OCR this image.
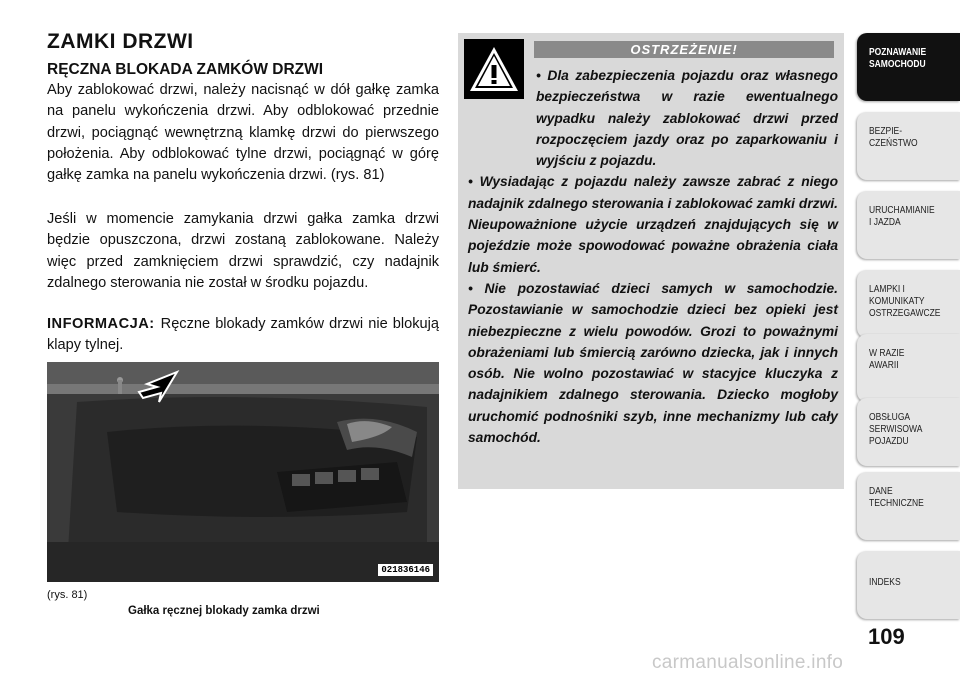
ZAMKI DRZWI
RĘCZNA BLOKADA ZAMKÓW DRZWI
Aby zablokować drzwi, należy nacisnąć w dół gałkę zamka na panelu wykończenia drzwi. Aby odblokować przednie drzwi, pociągnąć wewnętrzną klamkę drzwi do pierwszego położenia. Aby odblokować tylne drzwi, pociągnąć w górę gałkę zamka na panelu wykończenia drzwi. (rys. 81)
Jeśli w momencie zamykania drzwi gałka zamka drzwi będzie opuszczona, drzwi zostaną zablokowane. Należy więc przed zamknięciem drzwi sprawdzić, czy nadajnik zdalnego sterowania nie został w środku pojazdu.
INFORMACJA: Ręczne blokady zamków drzwi nie blokują klapy tylnej.
021836146
(rys. 81)
Gałka ręcznej blokady zamka drzwi
OSTRZEŻENIE!

• Dla zabezpieczenia pojazdu oraz własnego bezpieczeństwa w razie ewentualnego wypadku należy zablokować drzwi przed rozpoczęciem jazdy oraz po zaparkowaniu i wyjściu z pojazdu.

• Wysiadając z pojazdu należy zawsze zabrać z niego nadajnik zdalnego sterowania i zablokować zamki drzwi. Nieupoważnione użycie urządzeń znajdujących się w pojeździe może spowodować poważne obrażenia ciała lub śmierć.

• Nie pozostawiać dzieci samych w samochodzie. Pozostawianie w samochodzie dzieci bez opieki jest niebezpieczne z wielu powodów. Grozi to poważnymi obrażeniami lub śmiercią zarówno dziecka, jak i innych osób. Nie wolno pozostawiać w stacyjce kluczyka z nadajnikiem zdalnego sterowania. Dziecko mogłoby uruchomić podnośniki szyb, inne mechanizmy lub cały samochód.

POZNAWANIE
SAMOCHODU
BEZPIE-
CZEŃSTWO
URUCHAMIANIE
I JAZDA
LAMPKI I
KOMUNIKATY
OSTRZEGAWCZE
W RAZIE
AWARII
OBSŁUGA
SERWISOWA
POJAZDU
DANE
TECHNICZNE
INDEKS
109
carmanualsonline.info
